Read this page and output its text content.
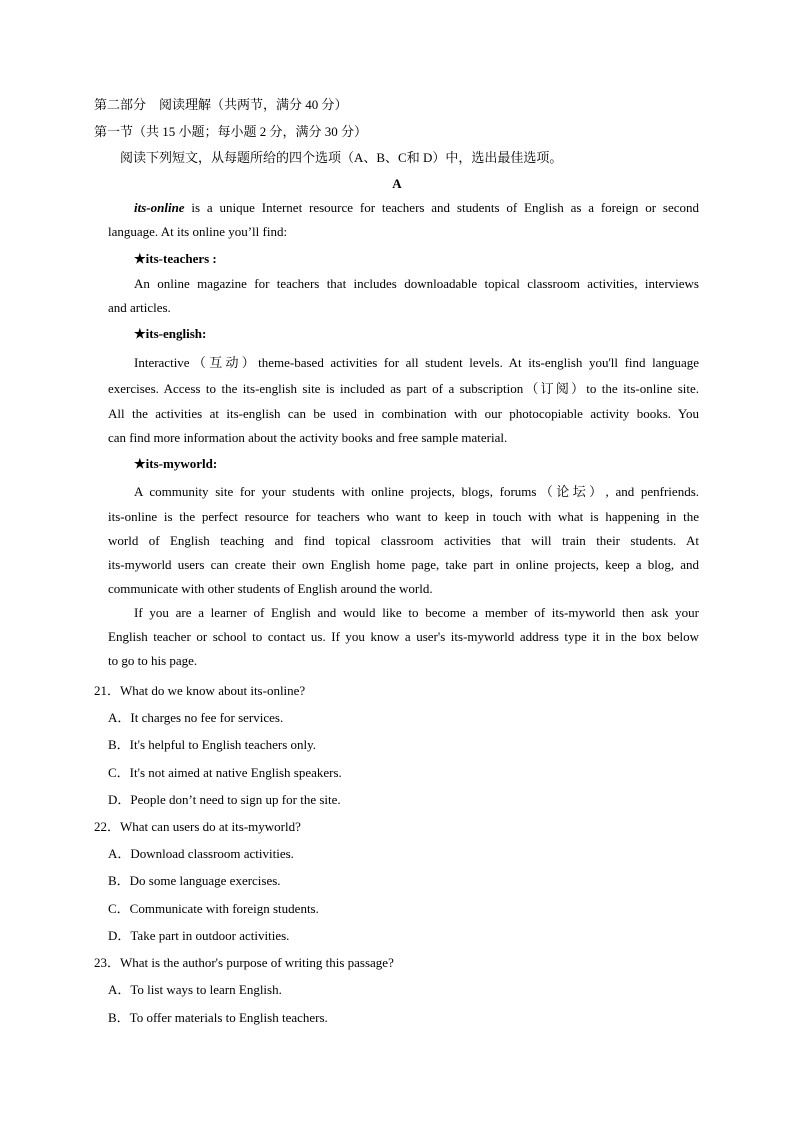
第二部分　阅读理解（共两节，满分 40 分）
第一节（共 15 小题；每小题 2 分，满分 30 分）
阅读下列短文，从每题所给的四个选项（A、B、C和 D）中，选出最佳选项。
A
its-online is a unique Internet resource for teachers and students of English as a foreign or second
language. At its online you’ll find:
★its-teachers :
An online magazine for teachers that includes downloadable topical classroom activities, interviews
and articles.
★its-english:
Interactive（互动）theme-based activities for all student levels. At its-english you'll find language
exercises. Access to the its-english site is included as part of a subscription（订阅）to the its-online site.
All the activities at its-english can be used in combination with our photocopiable activity books. You
can find more information about the activity books and free sample material.
★its-myworld:
A community site for your students with online projects, blogs, forums（论坛）, and penfriends.
its-online is the perfect resource for teachers who want to keep in touch with what is happening in the
world of English teaching and find topical classroom activities that will train their students. At
its-myworld users can create their own English home page, take part in online projects, keep a blog, and
communicate with other students of English around the world.
If you are a learner of English and would like to become a member of its-myworld then ask your
English teacher or school to contact us. If you know a user's its-myworld address type it in the box below
to go to his page.
21．What do we know about its-online?
A．It charges no fee for services.
B．It's helpful to English teachers only.
C．It's not aimed at native English speakers.
D．People don’t need to sign up for the site.
22．What can users do at its-myworld?
A．Download classroom activities.
B．Do some language exercises.
C．Communicate with foreign students.
D．Take part in outdoor activities.
23．What is the author's purpose of writing this passage?
A．To list ways to learn English.
B．To offer materials to English teachers.
